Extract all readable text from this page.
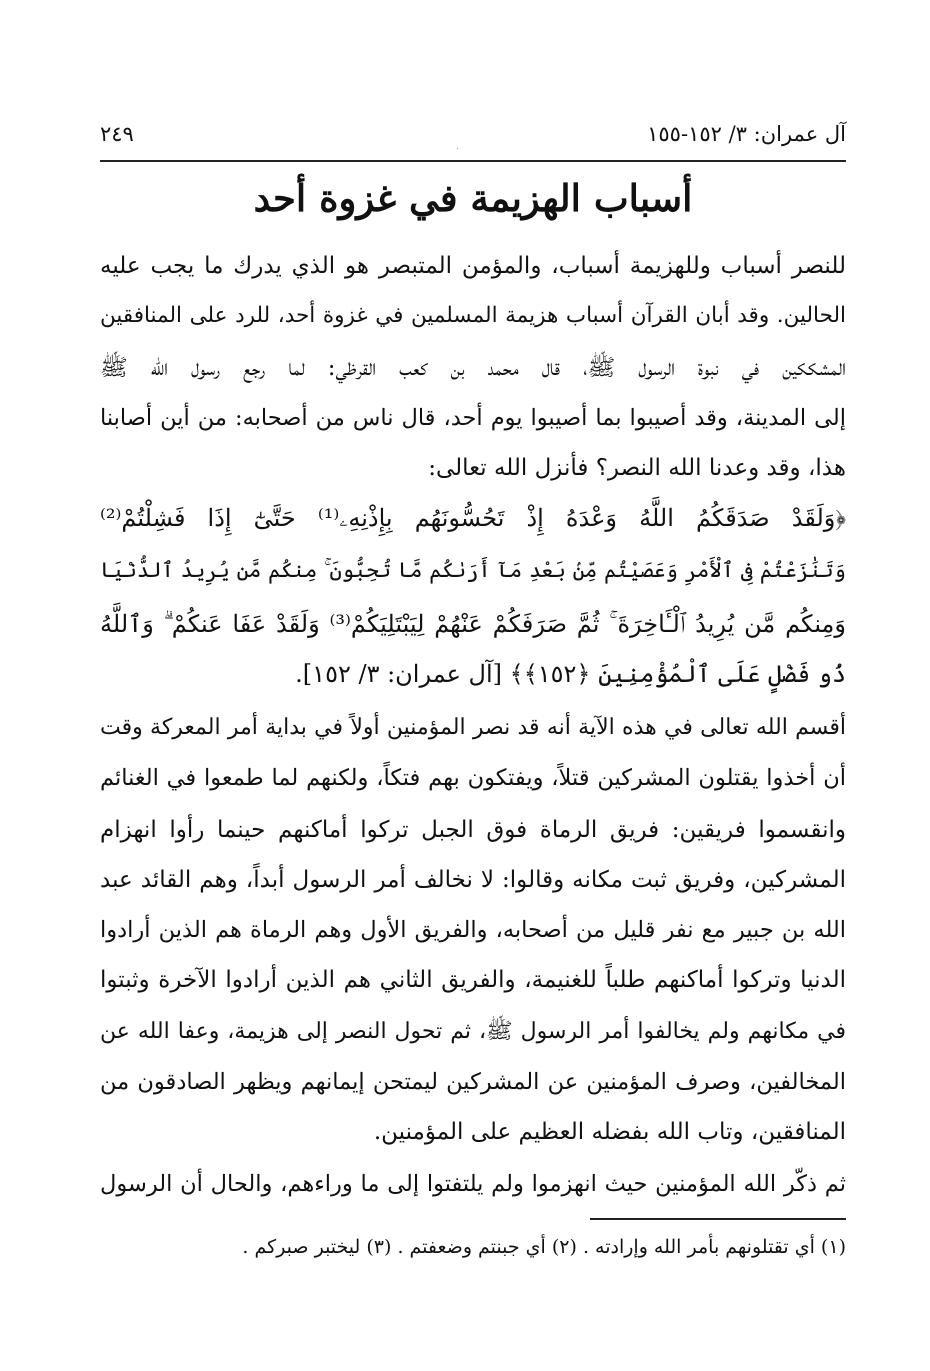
آل عمران: ٣/ ١٥٢-١٥٥
٢٤٩
·
أسباب الهزيمة في غزوة أحد
للنصر أسباب وللهزيمة أسباب، والمؤمن المتبصر هو الذي يدرك ما يجب عليه
الحالين. وقد أبان القرآن أسباب هزيمة المسلمين في غزوة أحد، للرد على المنافقين
المشككين في نبوة الرسول ﷺ، قال محمد بن كعب القرظي: لما رجع رسول الله ﷺ
إلى المدينة، وقد أصيبوا بما أصيبوا يوم أحد، قال ناس من أصحابه: من أين أصابنا
هذا، وقد وعدنا الله النصر؟ فأنزل الله تعالى:
﴿وَلَقَدْ صَدَقَكُمُ اللَّهُ وَعْدَهُ إِذْ تَحُسُّونَهُم بِإِذْنِهِۦ⁽¹⁾ حَتَّىٰٓ إِذَا فَشِلْتُمْ⁽²⁾
وَتَنَٰزَعْتُمْ فِى ٱلْأَمْرِ وَعَصَيْتُم مِّنۢ بَعْدِ مَآ أَرَىٰكُم مَّا تُحِبُّونَ ۚ مِنكُم مَّن يُرِيدُ ٱلدُّنْيَا
وَمِنكُم مَّن يُرِيدُ ٱلْـَٔاخِرَةَ ۚ ثُمَّ صَرَفَكُمْ عَنْهُمْ لِيَبْتَلِيَكُمْ⁽³⁾ وَلَقَدْ عَفَا عَنكُمْ ۗ وَٱللَّهُ
ذُو فَضْلٍ عَلَى ٱلْمُؤْمِنِينَ ﴿١٥٢﴾﴾ [آل عمران: ٣/ ١٥٢].
أقسم الله تعالى في هذه الآية أنه قد نصر المؤمنين أولاً في بداية أمر المعركة وقت
أن أخذوا يقتلون المشركين قتلاً، ويفتكون بهم فتكاً، ولكنهم لما طمعوا في الغنائم
وانقسموا فريقين: فريق الرماة فوق الجبل تركوا أماكنهم حينما رأوا انهزام
المشركين، وفريق ثبت مكانه وقالوا: لا نخالف أمر الرسول أبداً، وهم القائد عبد
الله بن جبير مع نفر قليل من أصحابه، والفريق الأول وهم الرماة هم الذين أرادوا
الدنيا وتركوا أماكنهم طلباً للغنيمة، والفريق الثاني هم الذين أرادوا الآخرة وثبتوا
في مكانهم ولم يخالفوا أمر الرسول ﷺ، ثم تحول النصر إلى هزيمة، وعفا الله عن
المخالفين، وصرف المؤمنين عن المشركين ليمتحن إيمانهم ويظهر الصادقون من
المنافقين، وتاب الله بفضله العظيم على المؤمنين.
ثم ذكّر الله المؤمنين حيث انهزموا ولم يلتفتوا إلى ما وراءهم، والحال أن الرسول
(١) أي تقتلونهم بأمر الله وإرادته . (٢) أي جبنتم وضعفتم . (٣) ليختبر صبركم .
